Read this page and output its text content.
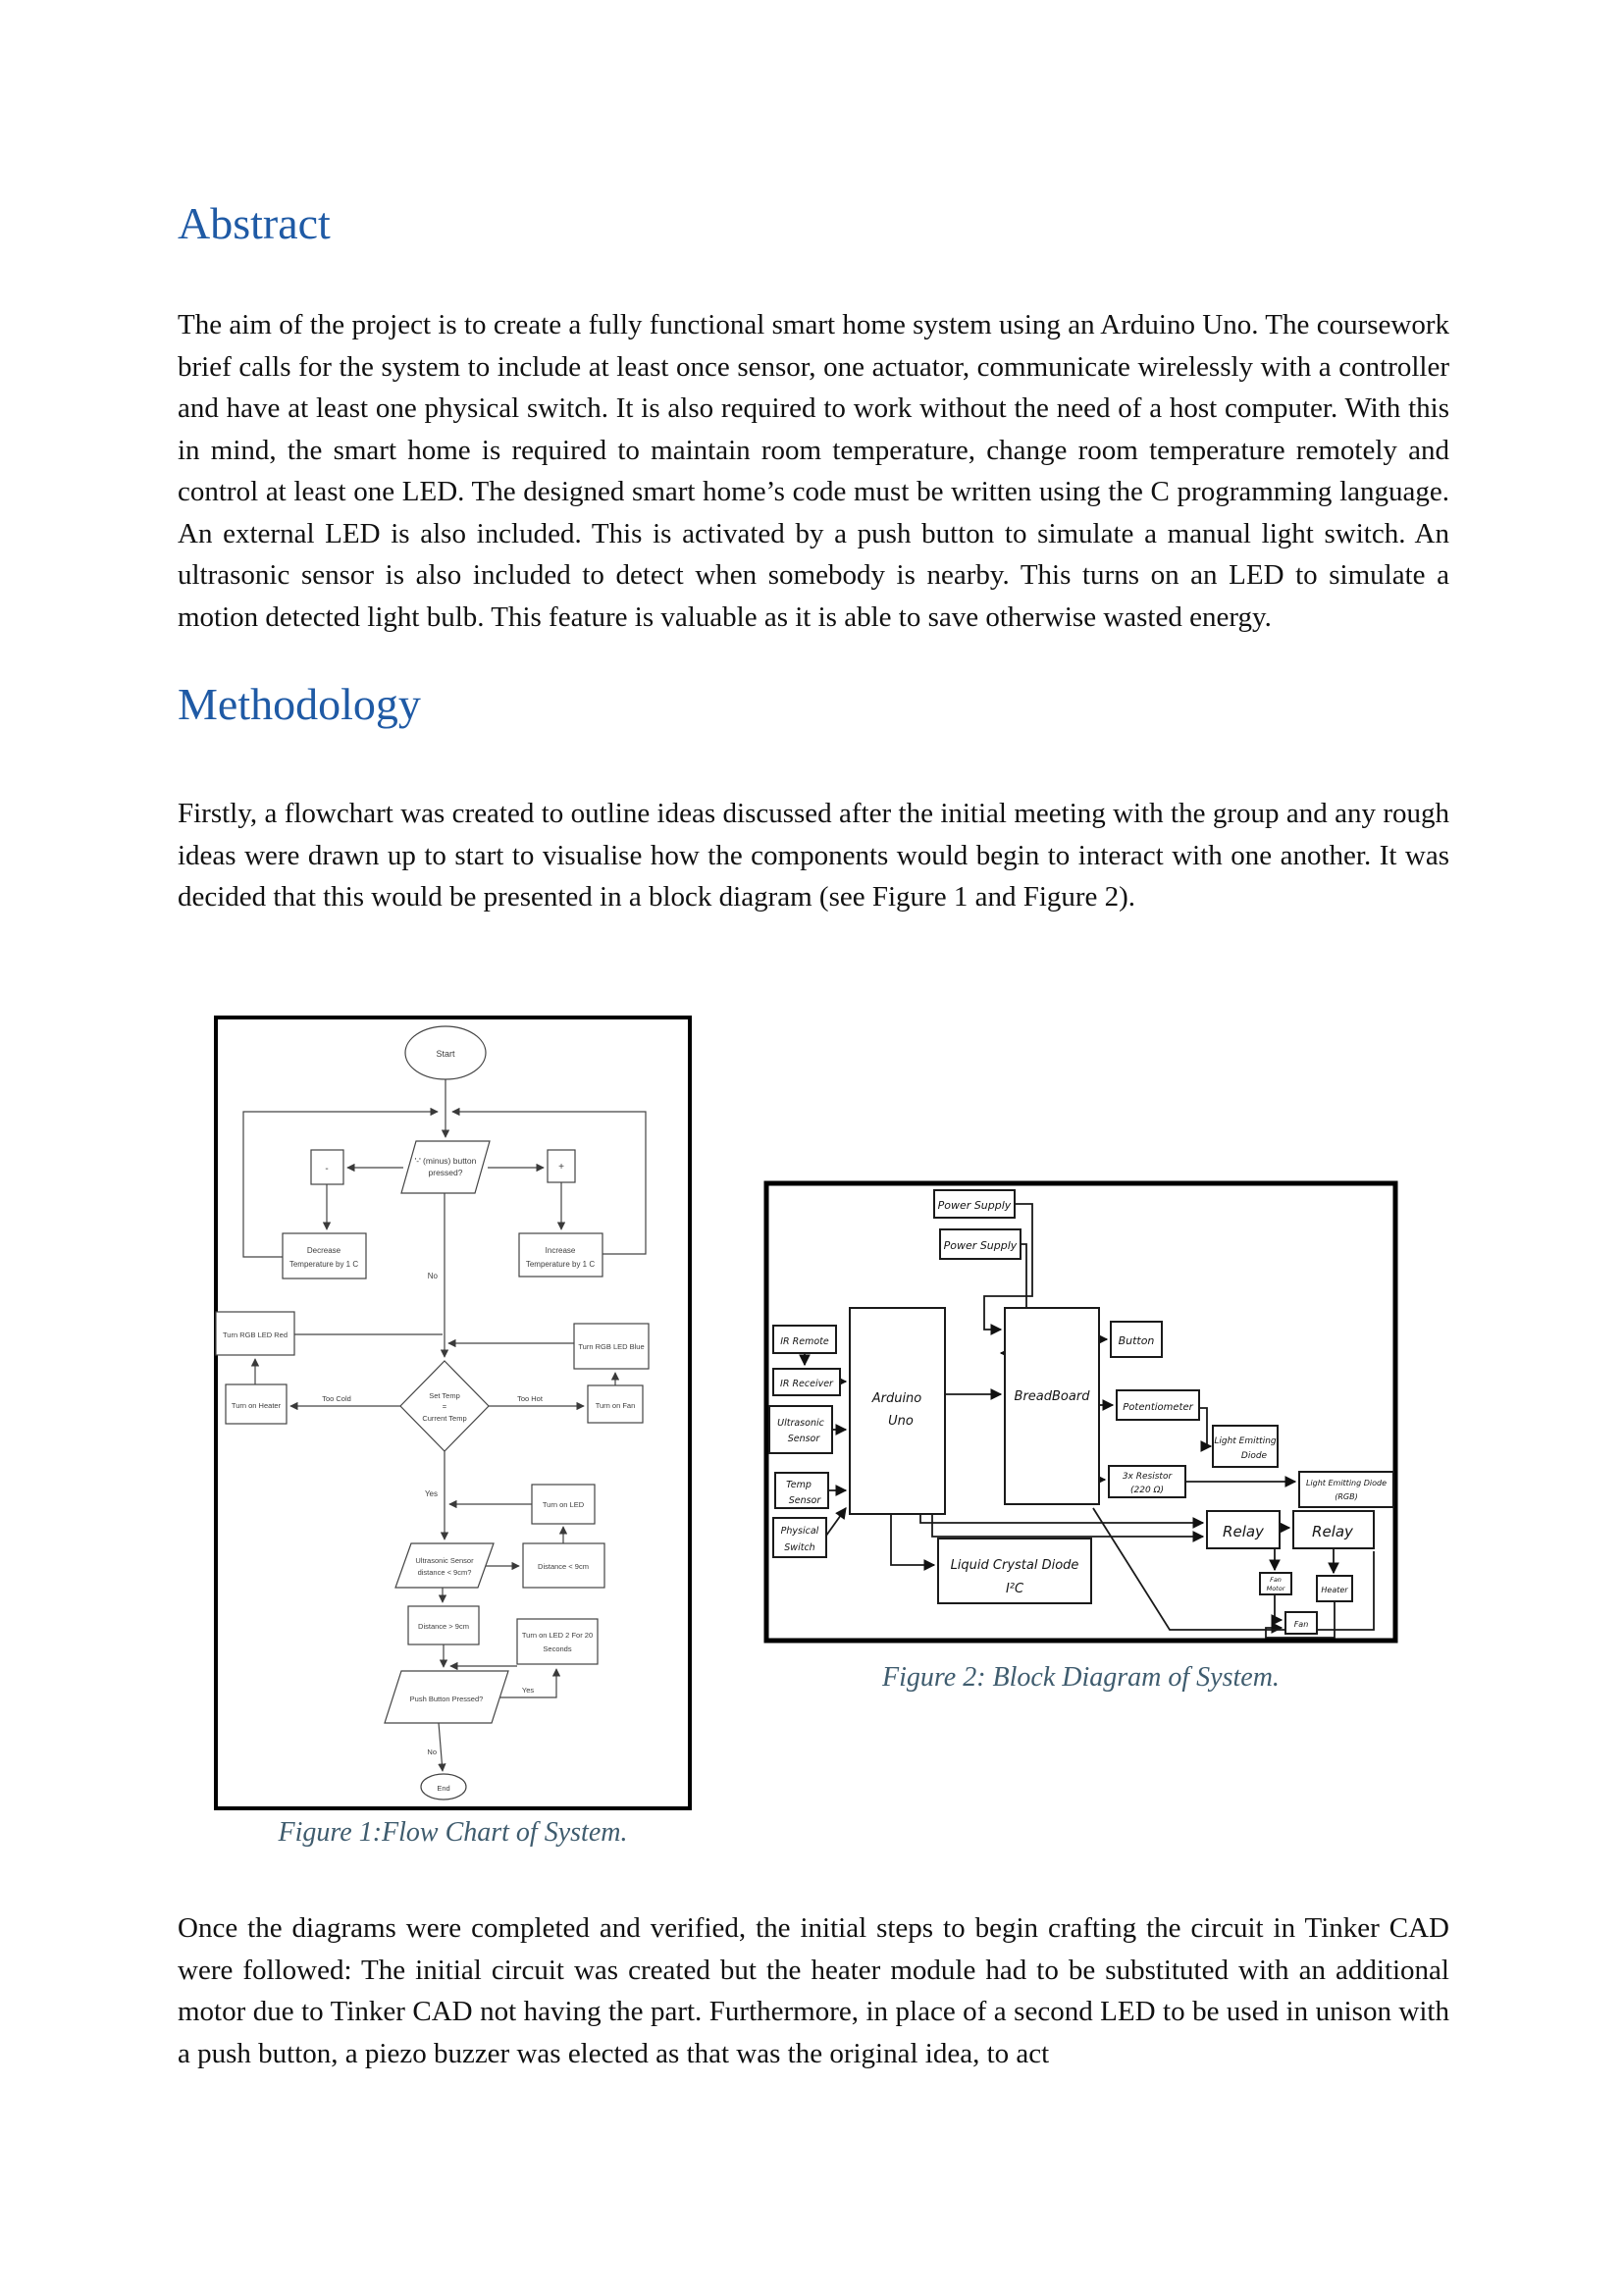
Abstract
The aim of the project is to create a fully functional smart home system using an Arduino Uno. The coursework brief calls for the system to include at least once sensor, one actuator, communicate wirelessly with a controller and have at least one physical switch. It is also required to work without the need of a host computer. With this in mind, the smart home is required to maintain room temperature, change room temperature remotely and control at least one LED. The designed smart home’s code must be written using the C programming language. An external LED is also included. This is activated by a push button to simulate a manual light switch. An ultrasonic sensor is also included to detect when somebody is nearby. This turns on an LED to simulate a motion detected light bulb. This feature is valuable as it is able to save otherwise wasted energy.
Methodology
Firstly, a flowchart was created to outline ideas discussed after the initial meeting with the group and any rough ideas were drawn up to start to visualise how the components would begin to interact with one another. It was decided that this would be presented in a block diagram (see Figure 1 and Figure 2).
Start
'-' (minus) button
pressed?
-	+
Decrease
Temperature by 1 C
Increase
Temperature by 1 C
No
Turn RGB LED Red
Turn RGB LED Blue
Set Temp
=
Current Temp
Too Cold	Too Hot
Turn on Heater	Turn on Fan
Yes
Turn on LED
Ultrasonic Sensor
distance < 9cm?
Distance < 9cm
Distance > 9cm
Turn on LED 2 For 20
Seconds
Push Button Pressed?
Yes
No
End
Figure 1:Flow Chart of System.
Power Supply
Power Supply
Arduino
Uno
BreadBoard
IR Remote
IR Receiver
Ultrasonic
Sensor
Temp
Sensor
Physical
Switch
Liquid Crystal Diode
I²C
Button
Potentiometer
Light Emitting
Diode
3x Resistor
(220 Ω)
Light Emitting Diode
(RGB)
Relay	Relay
Fan
Motor	Heater
Fan
Figure 2: Block Diagram of System.
Once the diagrams were completed and verified, the initial steps to begin crafting the circuit in Tinker CAD were followed: The initial circuit was created but the heater module had to be substituted with an additional motor due to Tinker CAD not having the part. Furthermore, in place of a second LED to be used in unison with a push button, a piezo buzzer was elected as that was the original idea, to act
